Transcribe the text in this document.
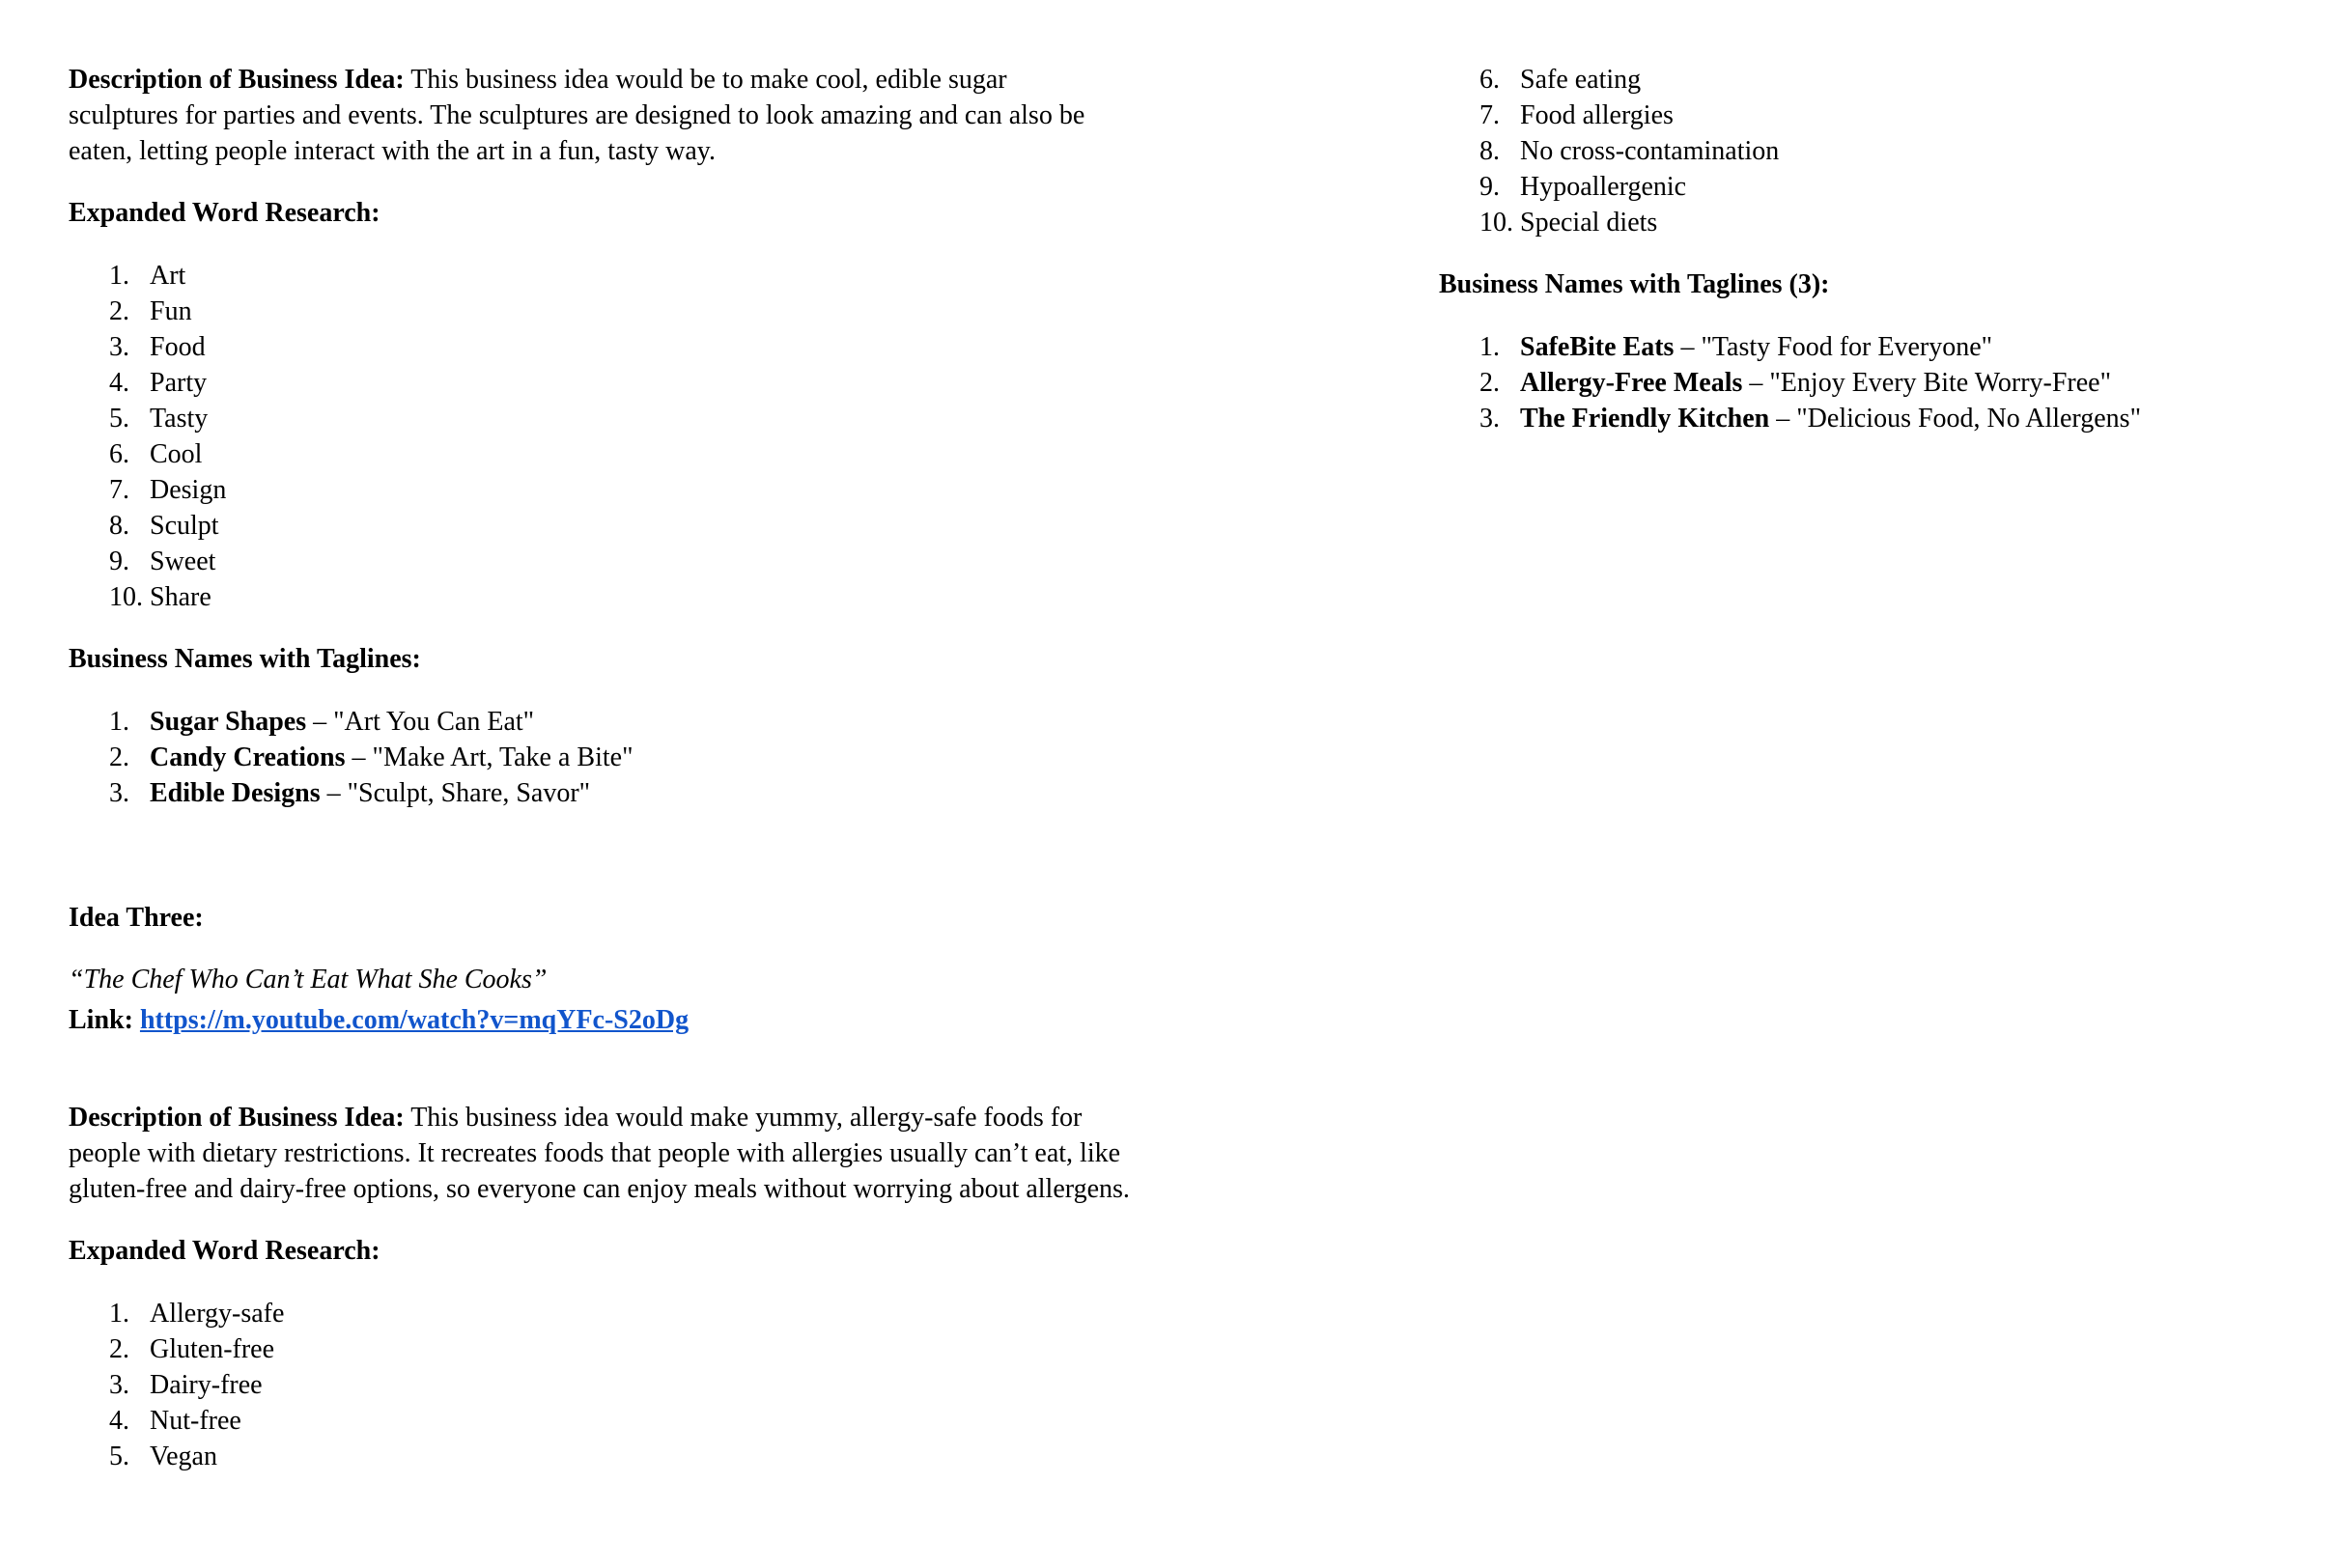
Description of Business Idea: This business idea would be to make cool, edible sugar sculptures for parties and events. The sculptures are designed to look amazing and can also be eaten, letting people interact with the art in a fun, tasty way.

Expanded Word Research:

1. Art
2. Fun
3. Food
4. Party
5. Tasty
6. Cool
7. Design
8. Sculpt
9. Sweet
10. Share

Business Names with Taglines:

1. Sugar Shapes – "Art You Can Eat"
2. Candy Creations – "Make Art, Take a Bite"
3. Edible Designs – "Sculpt, Share, Savor"

Idea Three:

“The Chef Who Can’t Eat What She Cooks”

Link: https://m.youtube.com/watch?v=mqYFc-S2oDg

Description of Business Idea: This business idea would make yummy, allergy-safe foods for people with dietary restrictions. It recreates foods that people with allergies usually can’t eat, like gluten-free and dairy-free options, so everyone can enjoy meals without worrying about allergens.

Expanded Word Research:

1. Allergy-safe
2. Gluten-free
3. Dairy-free
4. Nut-free
5. Vegan
6. Safe eating
7. Food allergies
8. No cross-contamination
9. Hypoallergenic
10. Special diets

Business Names with Taglines (3):

1. SafeBite Eats – "Tasty Food for Everyone"
2. Allergy-Free Meals – "Enjoy Every Bite Worry-Free"
3. The Friendly Kitchen – "Delicious Food, No Allergens"
